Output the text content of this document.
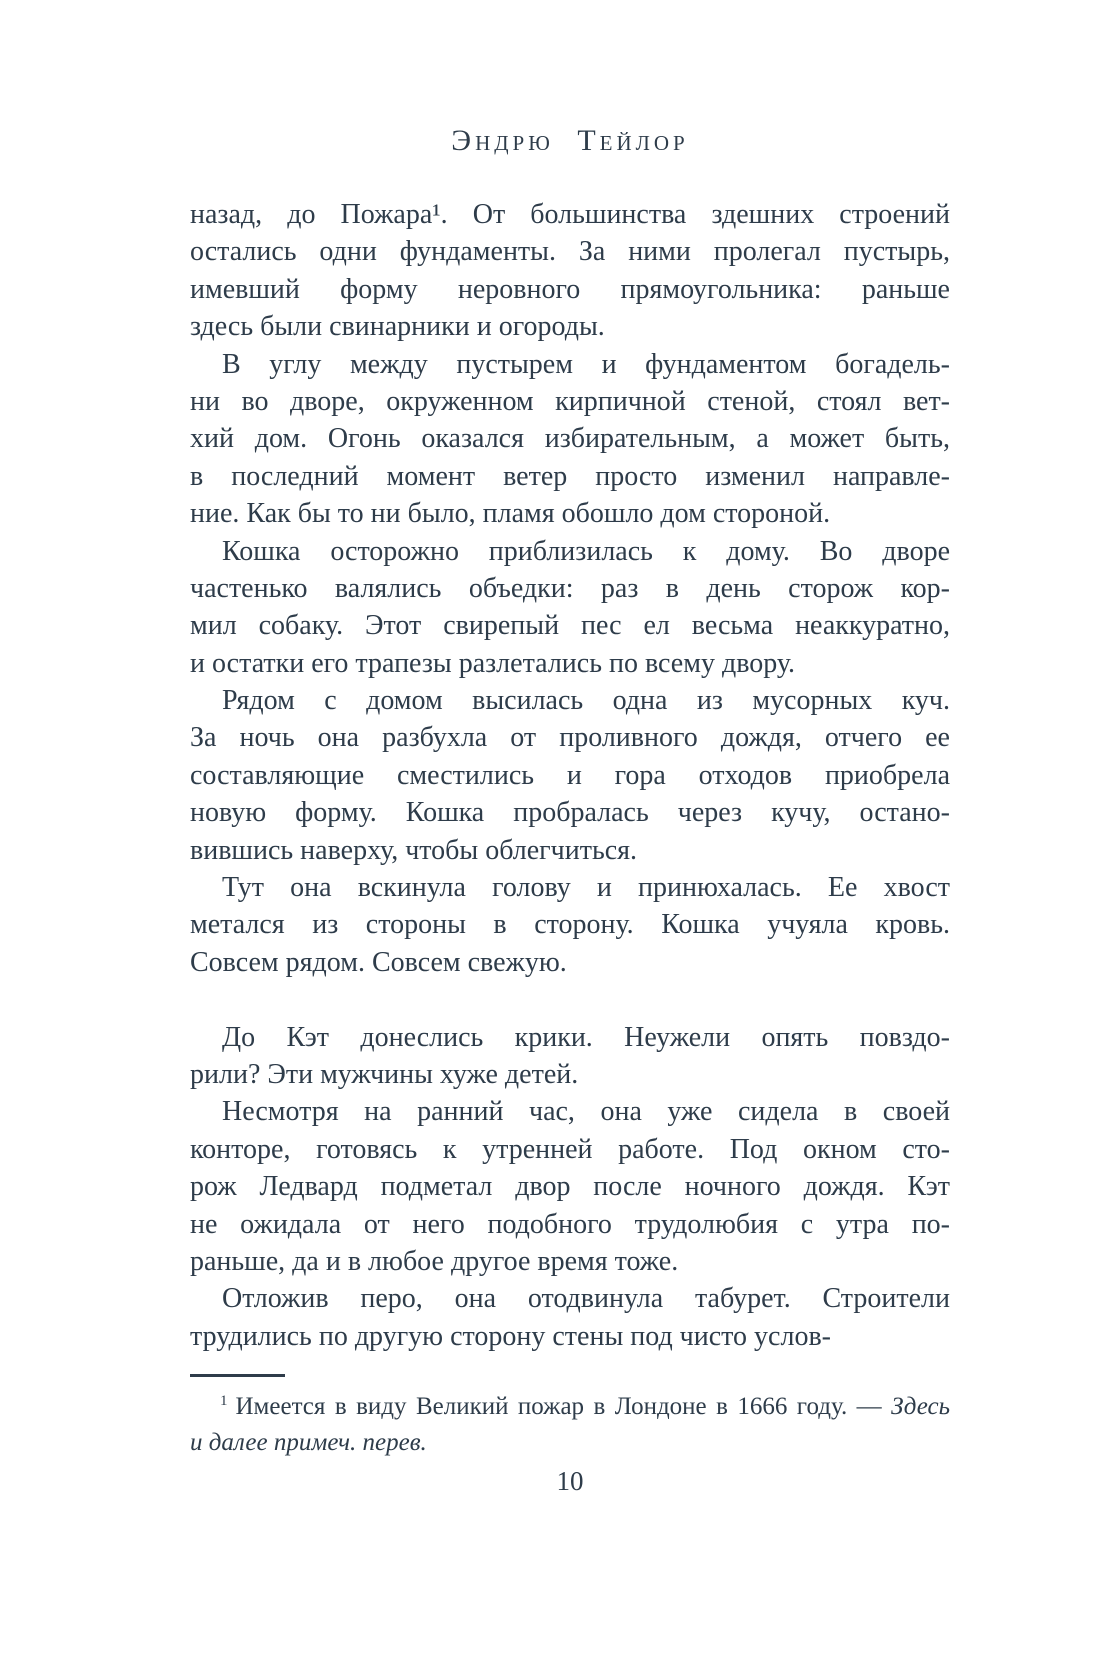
Эндрю Тейлор
назад, до Пожара¹. От большинства здешних строений
остались одни фундаменты. За ними пролегал пустырь,
имевший форму неровного прямоугольника: раньше
здесь были свинарники и огороды.
В углу между пустырем и фундаментом богадель-
ни во дворе, окруженном кирпичной стеной, стоял вет-
хий дом. Огонь оказался избирательным, а может быть,
в последний момент ветер просто изменил направле-
ние. Как бы то ни было, пламя обошло дом стороной.
Кошка осторожно приблизилась к дому. Во дворе
частенько валялись объедки: раз в день сторож кор-
мил собаку. Этот свирепый пес ел весьма неаккуратно,
и остатки его трапезы разлетались по всему двору.
Рядом с домом высилась одна из мусорных куч.
За ночь она разбухла от проливного дождя, отчего ее
составляющие сместились и гора отходов приобрела
новую форму. Кошка пробралась через кучу, остано-
вившись наверху, чтобы облегчиться.
Тут она вскинула голову и принюхалась. Ее хвост
метался из стороны в сторону. Кошка учуяла кровь.
Совсем рядом. Совсем свежую.
До Кэт донеслись крики. Неужели опять повздо-
рили? Эти мужчины хуже детей.
Несмотря на ранний час, она уже сидела в своей
конторе, готовясь к утренней работе. Под окном сто-
рож Ледвард подметал двор после ночного дождя. Кэт
не ожидала от него подобного трудолюбия с утра по-
раньше, да и в любое другое время тоже.
Отложив перо, она отодвинула табурет. Строители
трудились по другую сторону стены под чисто услов-
$^1$ Имеется в виду Великий пожар в Лондоне в 1666 году. — Здесь
и далее примеч. перев.
10
